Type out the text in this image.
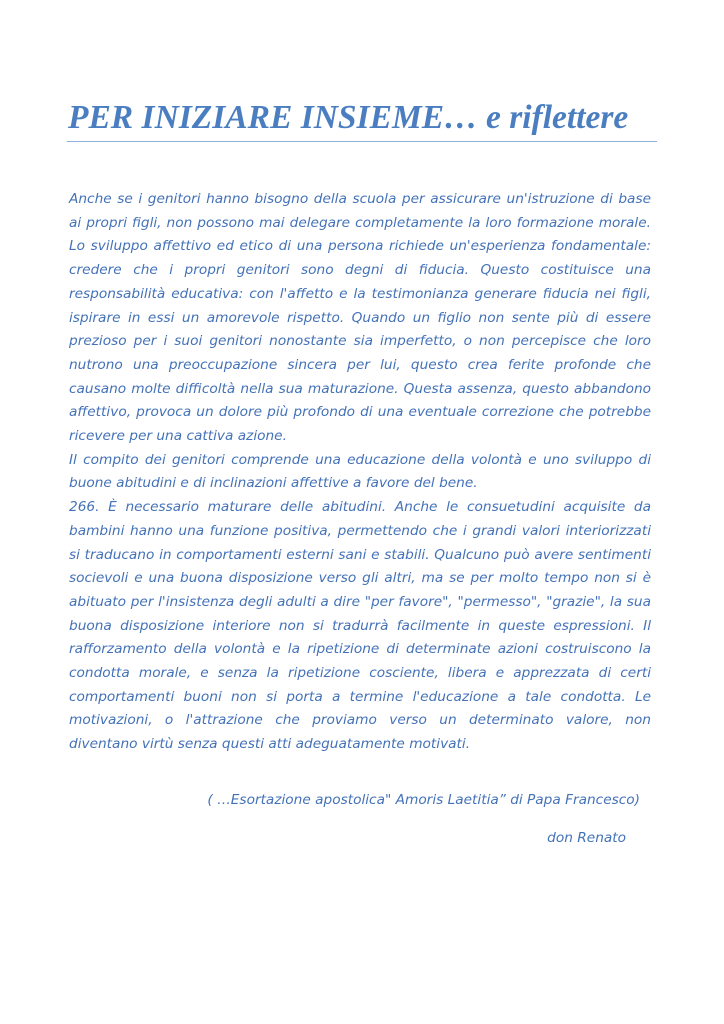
PER INIZIARE INSIEME… e riflettere

Anche se i genitori hanno bisogno della scuola per assicurare un'istruzione di base ai propri figli, non possono mai delegare completamente la loro formazione morale. Lo sviluppo affettivo ed etico di una persona richiede un'esperienza fondamentale: credere che i propri genitori sono degni di fiducia. Questo costituisce una responsabilità educativa: con l'affetto e la testimonianza generare fiducia nei figli, ispirare in essi un amorevole rispetto. Quando un figlio non sente più di essere prezioso per i suoi genitori nonostante sia imperfetto, o non percepisce che loro nutrono una preoccupazione sincera per lui, questo crea ferite profonde che causano molte difficoltà nella sua maturazione. Questa assenza, questo abbandono affettivo, provoca un dolore più profondo di una eventuale correzione che potrebbe ricevere per una cattiva azione.

Il compito dei genitori comprende una educazione della volontà e uno sviluppo di buone abitudini e di inclinazioni affettive a favore del bene.

266. È necessario maturare delle abitudini. Anche le consuetudini acquisite da bambini hanno una funzione positiva, permettendo che i grandi valori interiorizzati si traducano in comportamenti esterni sani e stabili. Qualcuno può avere sentimenti socievoli e una buona disposizione verso gli altri, ma se per molto tempo non si è abituato per l'insistenza degli adulti a dire "per favore", "permesso", "grazie", la sua buona disposizione interiore non si tradurrà facilmente in queste espressioni. Il rafforzamento della volontà e la ripetizione di determinate azioni costruiscono la condotta morale, e senza la ripetizione cosciente, libera e apprezzata di certi comportamenti buoni non si porta a termine l'educazione a tale condotta. Le motivazioni, o l'attrazione che proviamo verso un determinato valore, non diventano virtù senza questi atti adeguatamente motivati.

( …Esortazione apostolica" Amoris Laetitia” di Papa Francesco)
don Renato
